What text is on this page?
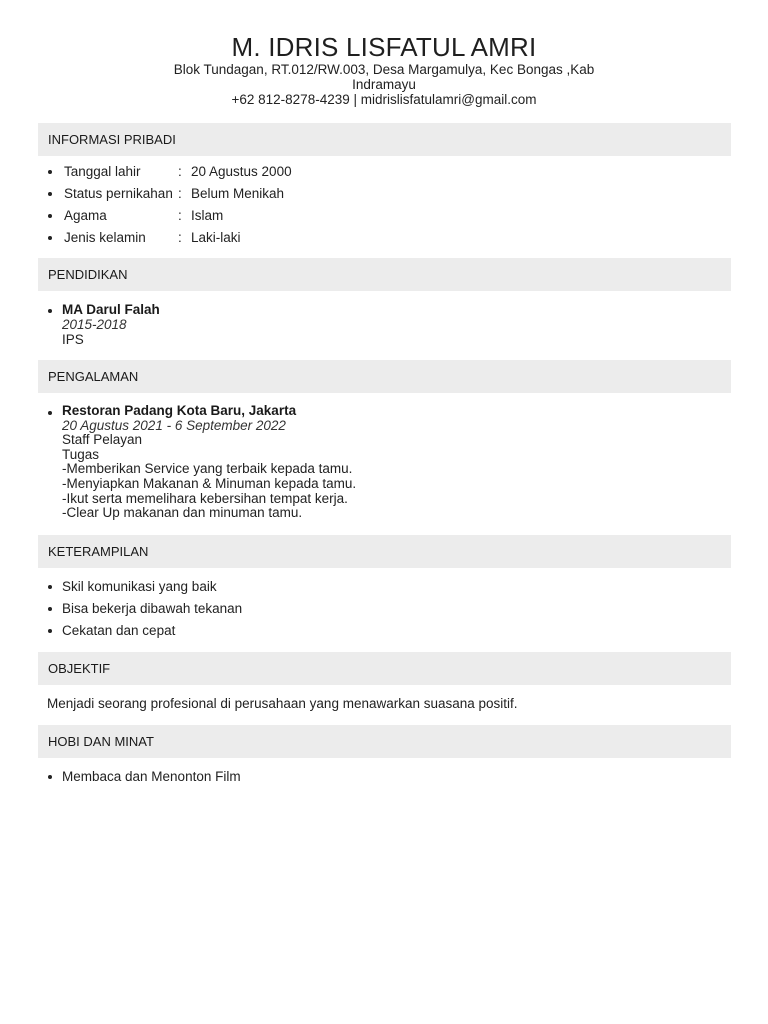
M. IDRIS LISFATUL AMRI
Blok Tundagan, RT.012/RW.003, Desa Margamulya, Kec Bongas ,Kab Indramayu
+62 812-8278-4239 | midrislisfatulamri@gmail.com
INFORMASI PRIBADI
Tanggal lahir	: 20 Agustus 2000
Status pernikahan : Belum Menikah
Agama	: Islam
Jenis kelamin : Laki-laki
PENDIDIKAN
MA Darul Falah
2015-2018
IPS
PENGALAMAN
Restoran Padang Kota Baru, Jakarta
20 Agustus 2021 - 6 September 2022
Staff Pelayan
Tugas
-Memberikan Service yang terbaik kepada tamu.
-Menyiapkan Makanan & Minuman kepada tamu.
-Ikut serta memelihara kebersihan tempat kerja.
-Clear Up makanan dan minuman tamu.
KETERAMPILAN
Skil komunikasi yang baik
Bisa bekerja dibawah tekanan
Cekatan dan cepat
OBJEKTIF
Menjadi seorang profesional di perusahaan yang menawarkan suasana positif.
HOBI DAN MINAT
Membaca dan Menonton Film
